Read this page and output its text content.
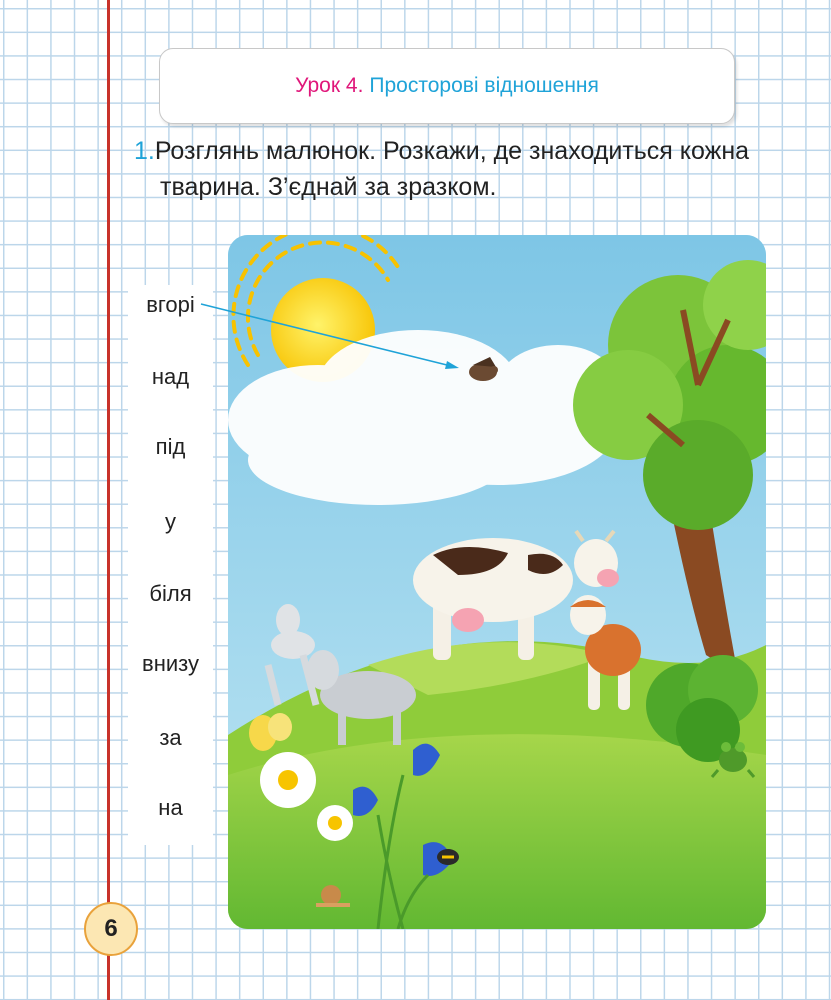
Урок 4. Просторові відношення
1.Розглянь малюнок. Розкажи, де знаходиться кожна
тварина. З’єднай за зразком.
вгорі
над
під
у
біля
внизу
за
на
6
